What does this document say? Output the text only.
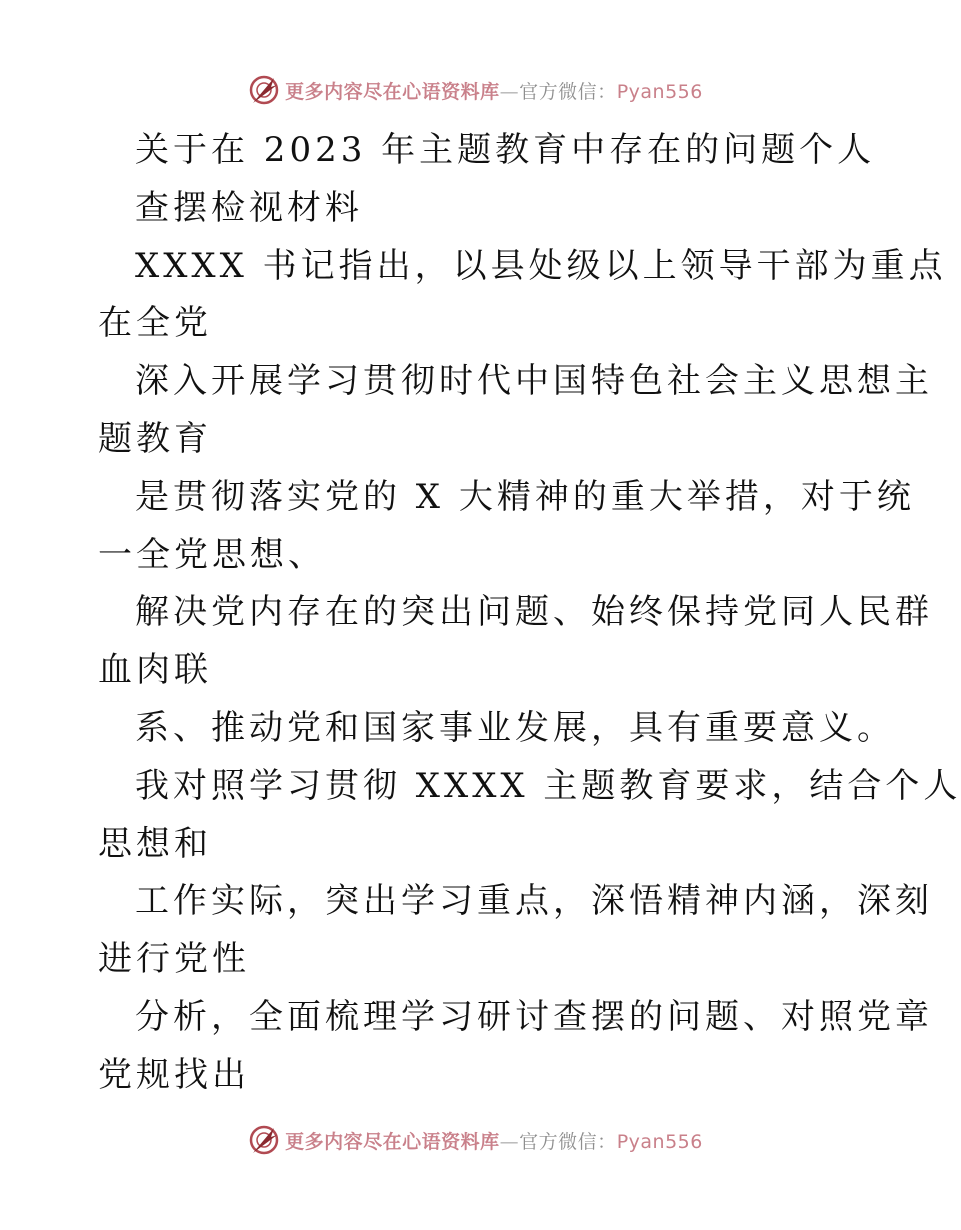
更多内容尽在心语资料库—官方微信：Pyan556
关于在 2023 年主题教育中存在的问题个人
查摆检视材料
XXXX 书记指出，以县处级以上领导干部为重点
在全党
深入开展学习贯彻时代中国特色社会主义思想主
题教育
是贯彻落实党的 X 大精神的重大举措，对于统
一全党思想、
解决党内存在的突出问题、始终保持党同人民群
血肉联
系、推动党和国家事业发展，具有重要意义。
我对照学习贯彻 XXXX 主题教育要求，结合个人
思想和
工作实际，突出学习重点，深悟精神内涵，深刻
进行党性
分析，全面梳理学习研讨查摆的问题、对照党章
党规找出
更多内容尽在心语资料库—官方微信：Pyan556
